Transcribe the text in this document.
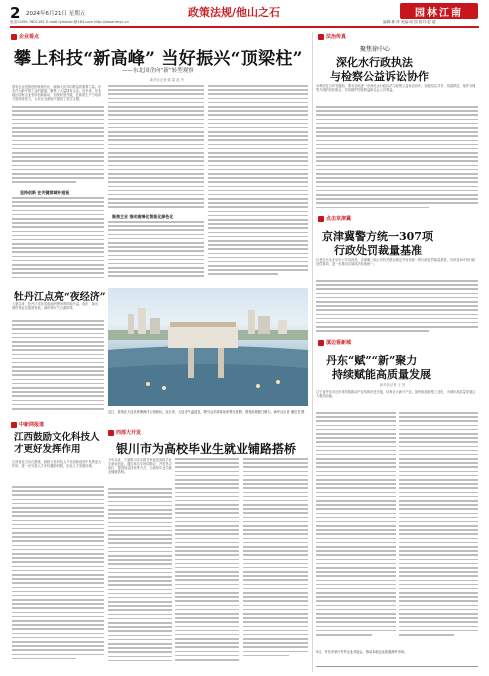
2 2024年6月21日 星期五	政策法规/他山之石	园林江南
电话:0459-7601161 E-mail:lymeixin@163.com http://www.lmyc.cn	编辑:林 萍 美编:周 园 校对:赵 超
企业看点
攀上科技“新高峰” 当好振兴“顶梁柱”
——东北国企向“新”转型观察
新华社记者 姚 雷 赵 丹
国有企业是推进国家现代化、保障人民共同利益的重要力量。东北作为新中国工业的摇篮，聚集了大量国有企业。近年来，东北地区国有企业坚持创新驱动，加快转型升级，在新质生产力培育方面持续发力，为东北全面振兴提供了坚实支撑。
坚持创新 在关键领域补短板
聚焦主业 推动高端化智能化绿色化
牡丹江点亮“夜经济”
入夏以来，牡丹江市各类夜间消费场景持续升温，夜市、演出、餐饮等业态蓬勃发展，城市烟火气日渐浓厚。
近日，游客在大连老虎滩海洋公园游玩。连日来，大连市气温适宜，吸引众多游客前来观光度假，感受滨城夏日魅力。新华社记者 潘昱龙 摄
中新网报道
江西鼓励文化科技人才更好发挥作用
江西省近日出台措施，鼓励文化科技人才在创新创造中发挥更大作用，进一步完善人才评价激励机制，优化人才发展环境。
西部大开发
银川市为高校毕业生就业铺路搭桥
今年以来，宁夏银川市多措并举促进高校毕业生就业创业，通过举办专场招聘会、开发见习岗位、提供创业扶持等方式，为高校毕业生就业铺路搭桥。
法治传真
聚焦徐中心
深化水行政执法
与检察公益诉讼协作
水利部近日印发通知，要求各地进一步深化水行政执法与检察公益诉讼协作，加强信息共享、线索移送、案件办理等方面的协作配合，共同维护国家利益和社会公共利益。
点击京津冀
京津冀警方统一307项
行政处罚裁量基准
记者近日从北京市公安局获悉，京津冀三地公安机关联合制定并发布统一的行政处罚裁量基准，共涉及307项行政处罚事项，进一步推动区域执法标准统一。
滇边看新城
丹东“赋”“新”聚力
持续赋能高质量发展
新华社记者 王 昊
辽宁省丹东市近年来持续推动产业结构优化升级，培育壮大新兴产业，加快推进新型工业化，为城市高质量发展注入强劲动能。
5月，丹东市举行外贸企业对接会，推动本地企业拓展海外市场。
